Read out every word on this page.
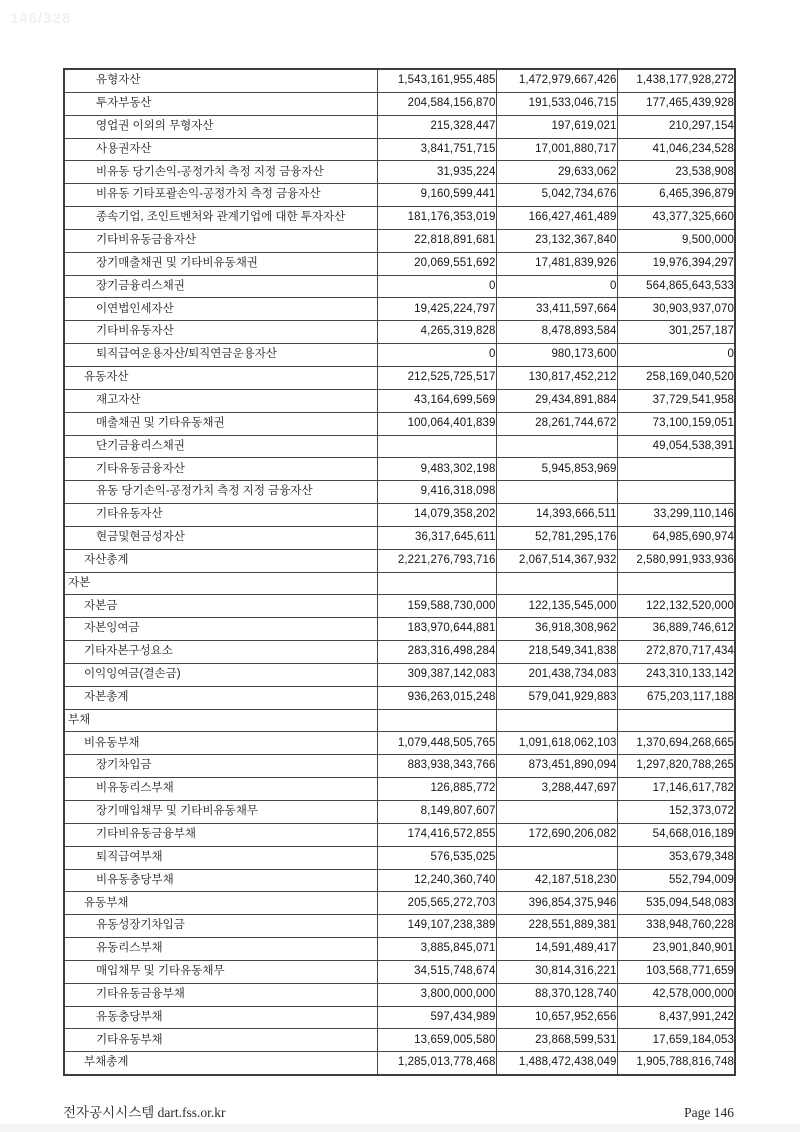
146/328
유형자산	1,543,161,955,485	1,472,979,667,426	1,438,177,928,272
투자부동산	204,584,156,870	191,533,046,715	177,465,439,928
영업권 이외의 무형자산	215,328,447	197,619,021	210,297,154
사용권자산	3,841,751,715	17,001,880,717	41,046,234,528
비유동 당기손익-공정가치 측정 지정 금융자산	31,935,224	29,633,062	23,538,908
비유동 기타포괄손익-공정가치 측정 금융자산	9,160,599,441	5,042,734,676	6,465,396,879
종속기업, 조인트벤처와 관계기업에 대한 투자자산	181,176,353,019	166,427,461,489	43,377,325,660
기타비유동금융자산	22,818,891,681	23,132,367,840	9,500,000
장기매출채권 및 기타비유동채권	20,069,551,692	17,481,839,926	19,976,394,297
장기금융리스채권	0	0	564,865,643,533
이연법인세자산	19,425,224,797	33,411,597,664	30,903,937,070
기타비유동자산	4,265,319,828	8,478,893,584	301,257,187
퇴직급여운용자산/퇴직연금운용자산	0	980,173,600	0
유동자산	212,525,725,517	130,817,452,212	258,169,040,520
재고자산	43,164,699,569	29,434,891,884	37,729,541,958
매출채권 및 기타유동채권	100,064,401,839	28,261,744,672	73,100,159,051
단기금융리스채권			49,054,538,391
기타유동금융자산	9,483,302,198	5,945,853,969	
유동 당기손익-공정가치 측정 지정 금융자산	9,416,318,098		
기타유동자산	14,079,358,202	14,393,666,511	33,299,110,146
현금및현금성자산	36,317,645,611	52,781,295,176	64,985,690,974
자산총계	2,221,276,793,716	2,067,514,367,932	2,580,991,933,936
자본			
자본금	159,588,730,000	122,135,545,000	122,132,520,000
자본잉여금	183,970,644,881	36,918,308,962	36,889,746,612
기타자본구성요소	283,316,498,284	218,549,341,838	272,870,717,434
이익잉여금(결손금)	309,387,142,083	201,438,734,083	243,310,133,142
자본총계	936,263,015,248	579,041,929,883	675,203,117,188
부채			
비유동부채	1,079,448,505,765	1,091,618,062,103	1,370,694,268,665
장기차입금	883,938,343,766	873,451,890,094	1,297,820,788,265
비유동리스부채	126,885,772	3,288,447,697	17,146,617,782
장기매입채무 및 기타비유동채무	8,149,807,607		152,373,072
기타비유동금융부채	174,416,572,855	172,690,206,082	54,668,016,189
퇴직급여부채	576,535,025		353,679,348
비유동충당부채	12,240,360,740	42,187,518,230	552,794,009
유동부채	205,565,272,703	396,854,375,946	535,094,548,083
유동성장기차입금	149,107,238,389	228,551,889,381	338,948,760,228
유동리스부채	3,885,845,071	14,591,489,417	23,901,840,901
매입채무 및 기타유동채무	34,515,748,674	30,814,316,221	103,568,771,659
기타유동금융부채	3,800,000,000	88,370,128,740	42,578,000,000
유동충당부채	597,434,989	10,657,952,656	8,437,991,242
기타유동부채	13,659,005,580	23,868,599,531	17,659,184,053
부채총계	1,285,013,778,468	1,488,472,438,049	1,905,788,816,748
전자공시시스템 dart.fss.or.kr	Page 146
